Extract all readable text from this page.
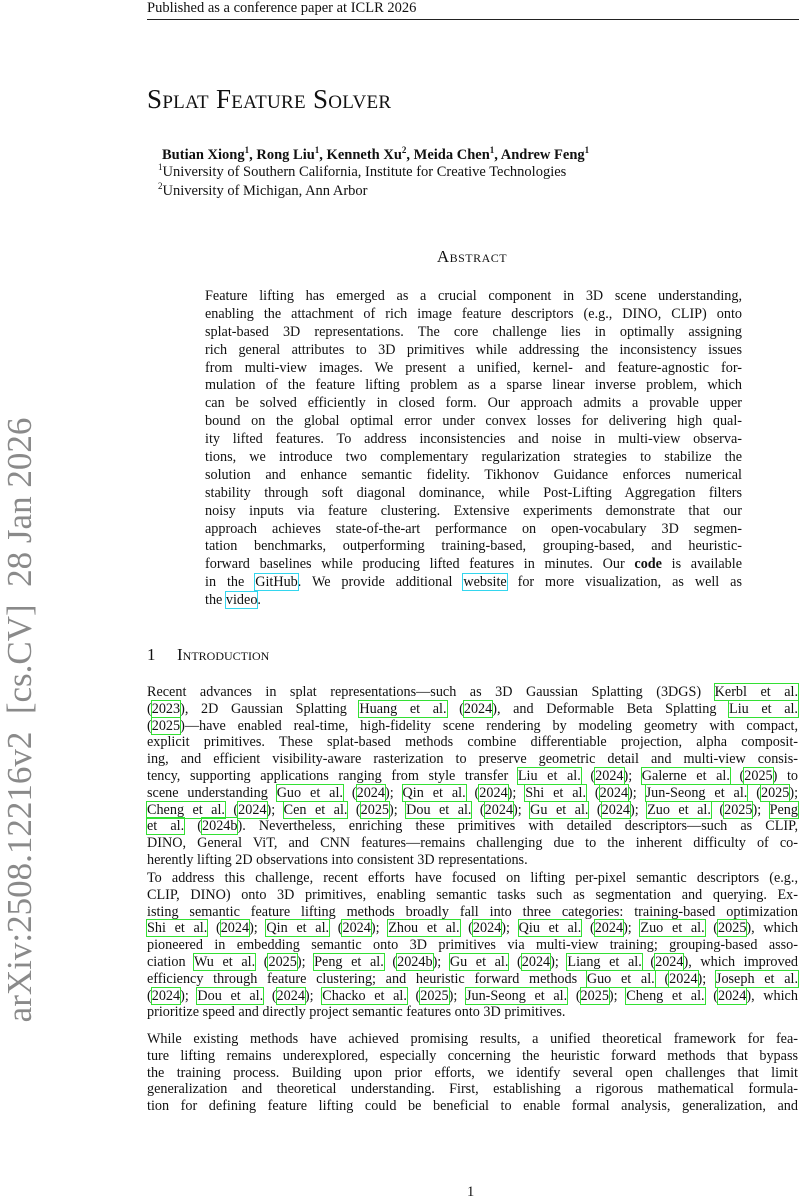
Published as a conference paper at ICLR 2026
Splat Feature Solver
Butian Xiong$^1$, Rong Liu$^1$, Kenneth Xu$^2$, Meida Chen$^1$, Andrew Feng$^1$
$^1$University of Southern California, Institute for Creative Technologies
$^2$University of Michigan, Ann Arbor
Abstract
Feature lifting has emerged as a crucial component in 3D scene understanding,
enabling the attachment of rich image feature descriptors (e.g., DINO, CLIP) onto
splat-based 3D representations. The core challenge lies in optimally assigning
rich general attributes to 3D primitives while addressing the inconsistency issues
from multi-view images. We present a unified, kernel- and feature-agnostic for-
mulation of the feature lifting problem as a sparse linear inverse problem, which
can be solved efficiently in closed form. Our approach admits a provable upper
bound on the global optimal error under convex losses for delivering high qual-
ity lifted features. To address inconsistencies and noise in multi-view observa-
tions, we introduce two complementary regularization strategies to stabilize the
solution and enhance semantic fidelity. Tikhonov Guidance enforces numerical
stability through soft diagonal dominance, while Post-Lifting Aggregation filters
noisy inputs via feature clustering. Extensive experiments demonstrate that our
approach achieves state-of-the-art performance on open-vocabulary 3D segmen-
tation benchmarks, outperforming training-based, grouping-based, and heuristic-
forward baselines while producing lifted features in minutes. Our code is available
in the GitHub. We provide additional website for more visualization, as well as
the video.
1 Introduction
Recent advances in splat representations—such as 3D Gaussian Splatting (3DGS) Kerbl et al.
(2023), 2D Gaussian Splatting Huang et al. (2024), and Deformable Beta Splatting Liu et al.
(2025)—have enabled real-time, high-fidelity scene rendering by modeling geometry with compact,
explicit primitives. These splat-based methods combine differentiable projection, alpha composit-
ing, and efficient visibility-aware rasterization to preserve geometric detail and multi-view consis-
tency, supporting applications ranging from style transfer Liu et al. (2024); Galerne et al. (2025) to
scene understanding Guo et al. (2024); Qin et al. (2024); Shi et al. (2024); Jun-Seong et al. (2025);
Cheng et al. (2024); Cen et al. (2025); Dou et al. (2024); Gu et al. (2024); Zuo et al. (2025); Peng
et al. (2024b). Nevertheless, enriching these primitives with detailed descriptors—such as CLIP,
DINO, General ViT, and CNN features—remains challenging due to the inherent difficulty of co-
herently lifting 2D observations into consistent 3D representations.
To address this challenge, recent efforts have focused on lifting per-pixel semantic descriptors (e.g.,
CLIP, DINO) onto 3D primitives, enabling semantic tasks such as segmentation and querying. Ex-
isting semantic feature lifting methods broadly fall into three categories: training-based optimization
Shi et al. (2024); Qin et al. (2024); Zhou et al. (2024); Qiu et al. (2024); Zuo et al. (2025), which
pioneered in embedding semantic onto 3D primitives via multi-view training; grouping-based asso-
ciation Wu et al. (2025); Peng et al. (2024b); Gu et al. (2024); Liang et al. (2024), which improved
efficiency through feature clustering; and heuristic forward methods Guo et al. (2024); Joseph et al.
(2024); Dou et al. (2024); Chacko et al. (2025); Jun-Seong et al. (2025); Cheng et al. (2024), which
prioritize speed and directly project semantic features onto 3D primitives.
While existing methods have achieved promising results, a unified theoretical framework for fea-
ture lifting remains underexplored, especially concerning the heuristic forward methods that bypass
the training process. Building upon prior efforts, we identify several open challenges that limit
generalization and theoretical understanding. First, establishing a rigorous mathematical formula-
tion for defining feature lifting could be beneficial to enable formal analysis, generalization, and
1
arXiv:2508.12216v2  [cs.CV]  28 Jan 2026
